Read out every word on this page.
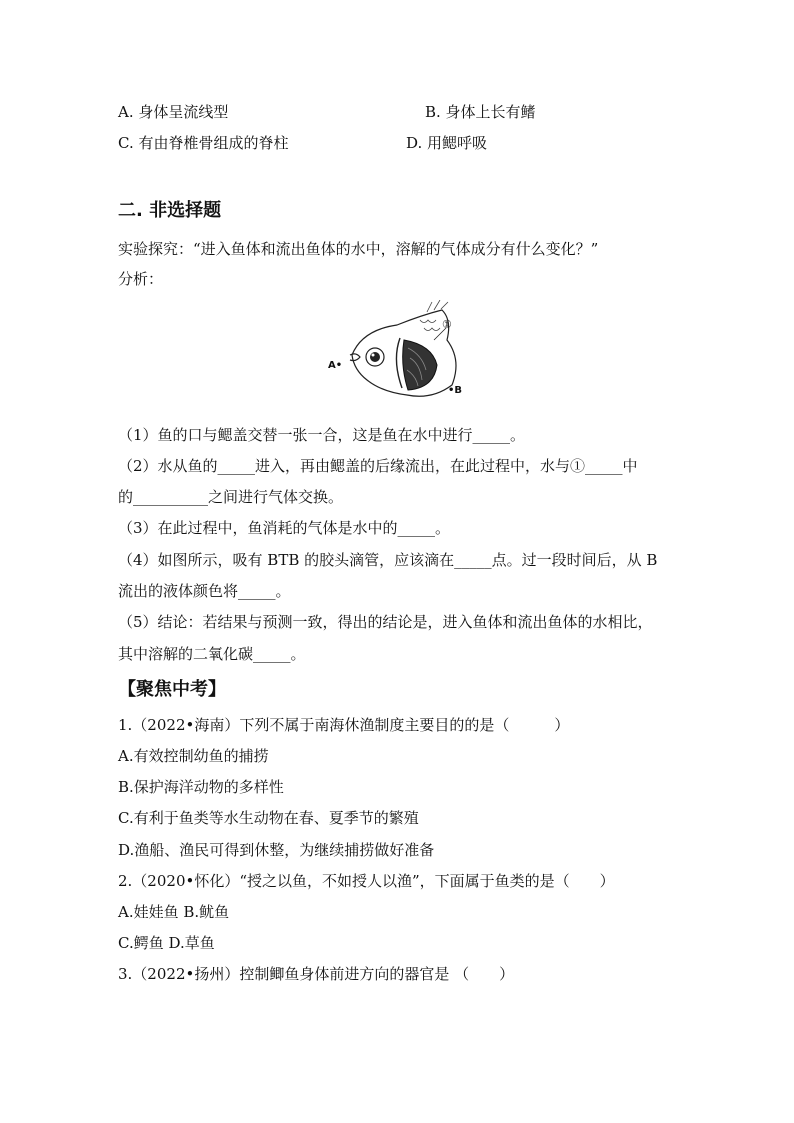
A. 身体呈流线型	B. 身体上长有鳍
C. 有由脊椎骨组成的脊柱	D. 用鳃呼吸
二. 非选择题
实验探究：“进入鱼体和流出鱼体的水中，溶解的气体成分有什么变化？”
分析：
①
A•
•B
（1）鱼的口与鳃盖交替一张一合，这是鱼在水中进行_____。
（2）水从鱼的_____进入，再由鳃盖的后缘流出，在此过程中，水与①_____中
的__________之间进行气体交换。
（3）在此过程中，鱼消耗的气体是水中的_____。
（4）如图所示，吸有 BTB 的胶头滴管，应该滴在_____点。过一段时间后，从 B
流出的液体颜色将_____。
（5）结论：若结果与预测一致，得出的结论是，进入鱼体和流出鱼体的水相比，
其中溶解的二氧化碳_____。
【聚焦中考】
1.（2022•海南）下列不属于南海休渔制度主要目的的是（　　　）
A.有效控制幼鱼的捕捞
B.保护海洋动物的多样性
C.有利于鱼类等水生动物在春、夏季节的繁殖
D.渔船、渔民可得到休整，为继续捕捞做好准备
2.（2020•怀化）“授之以鱼，不如授人以渔”，下面属于鱼类的是（　　）
A.娃娃鱼 B.鱿鱼
C.鳄鱼 D.草鱼
3.（2022•扬州）控制鲫鱼身体前进方向的器官是 （　　）
